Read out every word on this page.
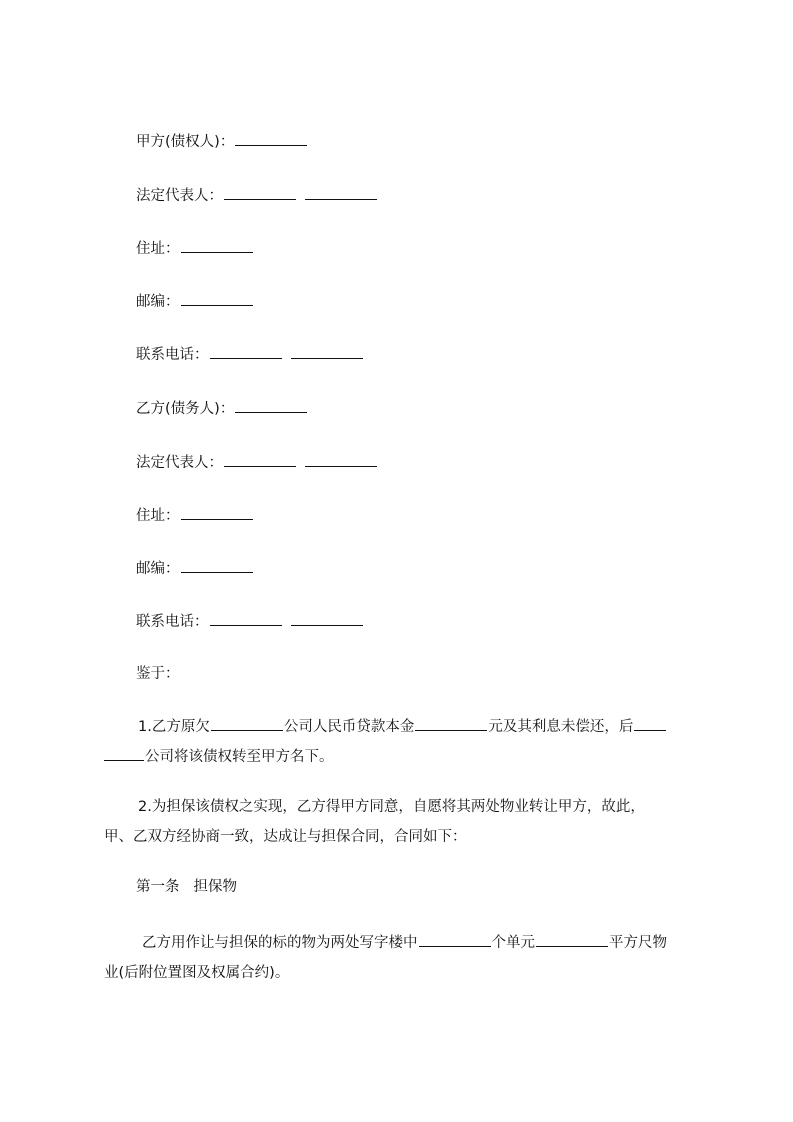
甲方(债权人)：
法定代表人：
住址：
邮编：
联系电话：
乙方(债务人)：
法定代表人：
住址：
邮编：
联系电话：
鉴于：
1.乙方原欠	公司人民币贷款本金	元及其利息未偿还，后
公司将该债权转至甲方名下。
2.为担保该债权之实现，乙方得甲方同意，自愿将其两处物业转让甲方，故此，
甲、乙双方经协商一致，达成让与担保合同，合同如下：
第一条 担保物
乙方用作让与担保的标的物为两处写字楼中	个单元	平方尺物
业(后附位置图及权属合约)。
